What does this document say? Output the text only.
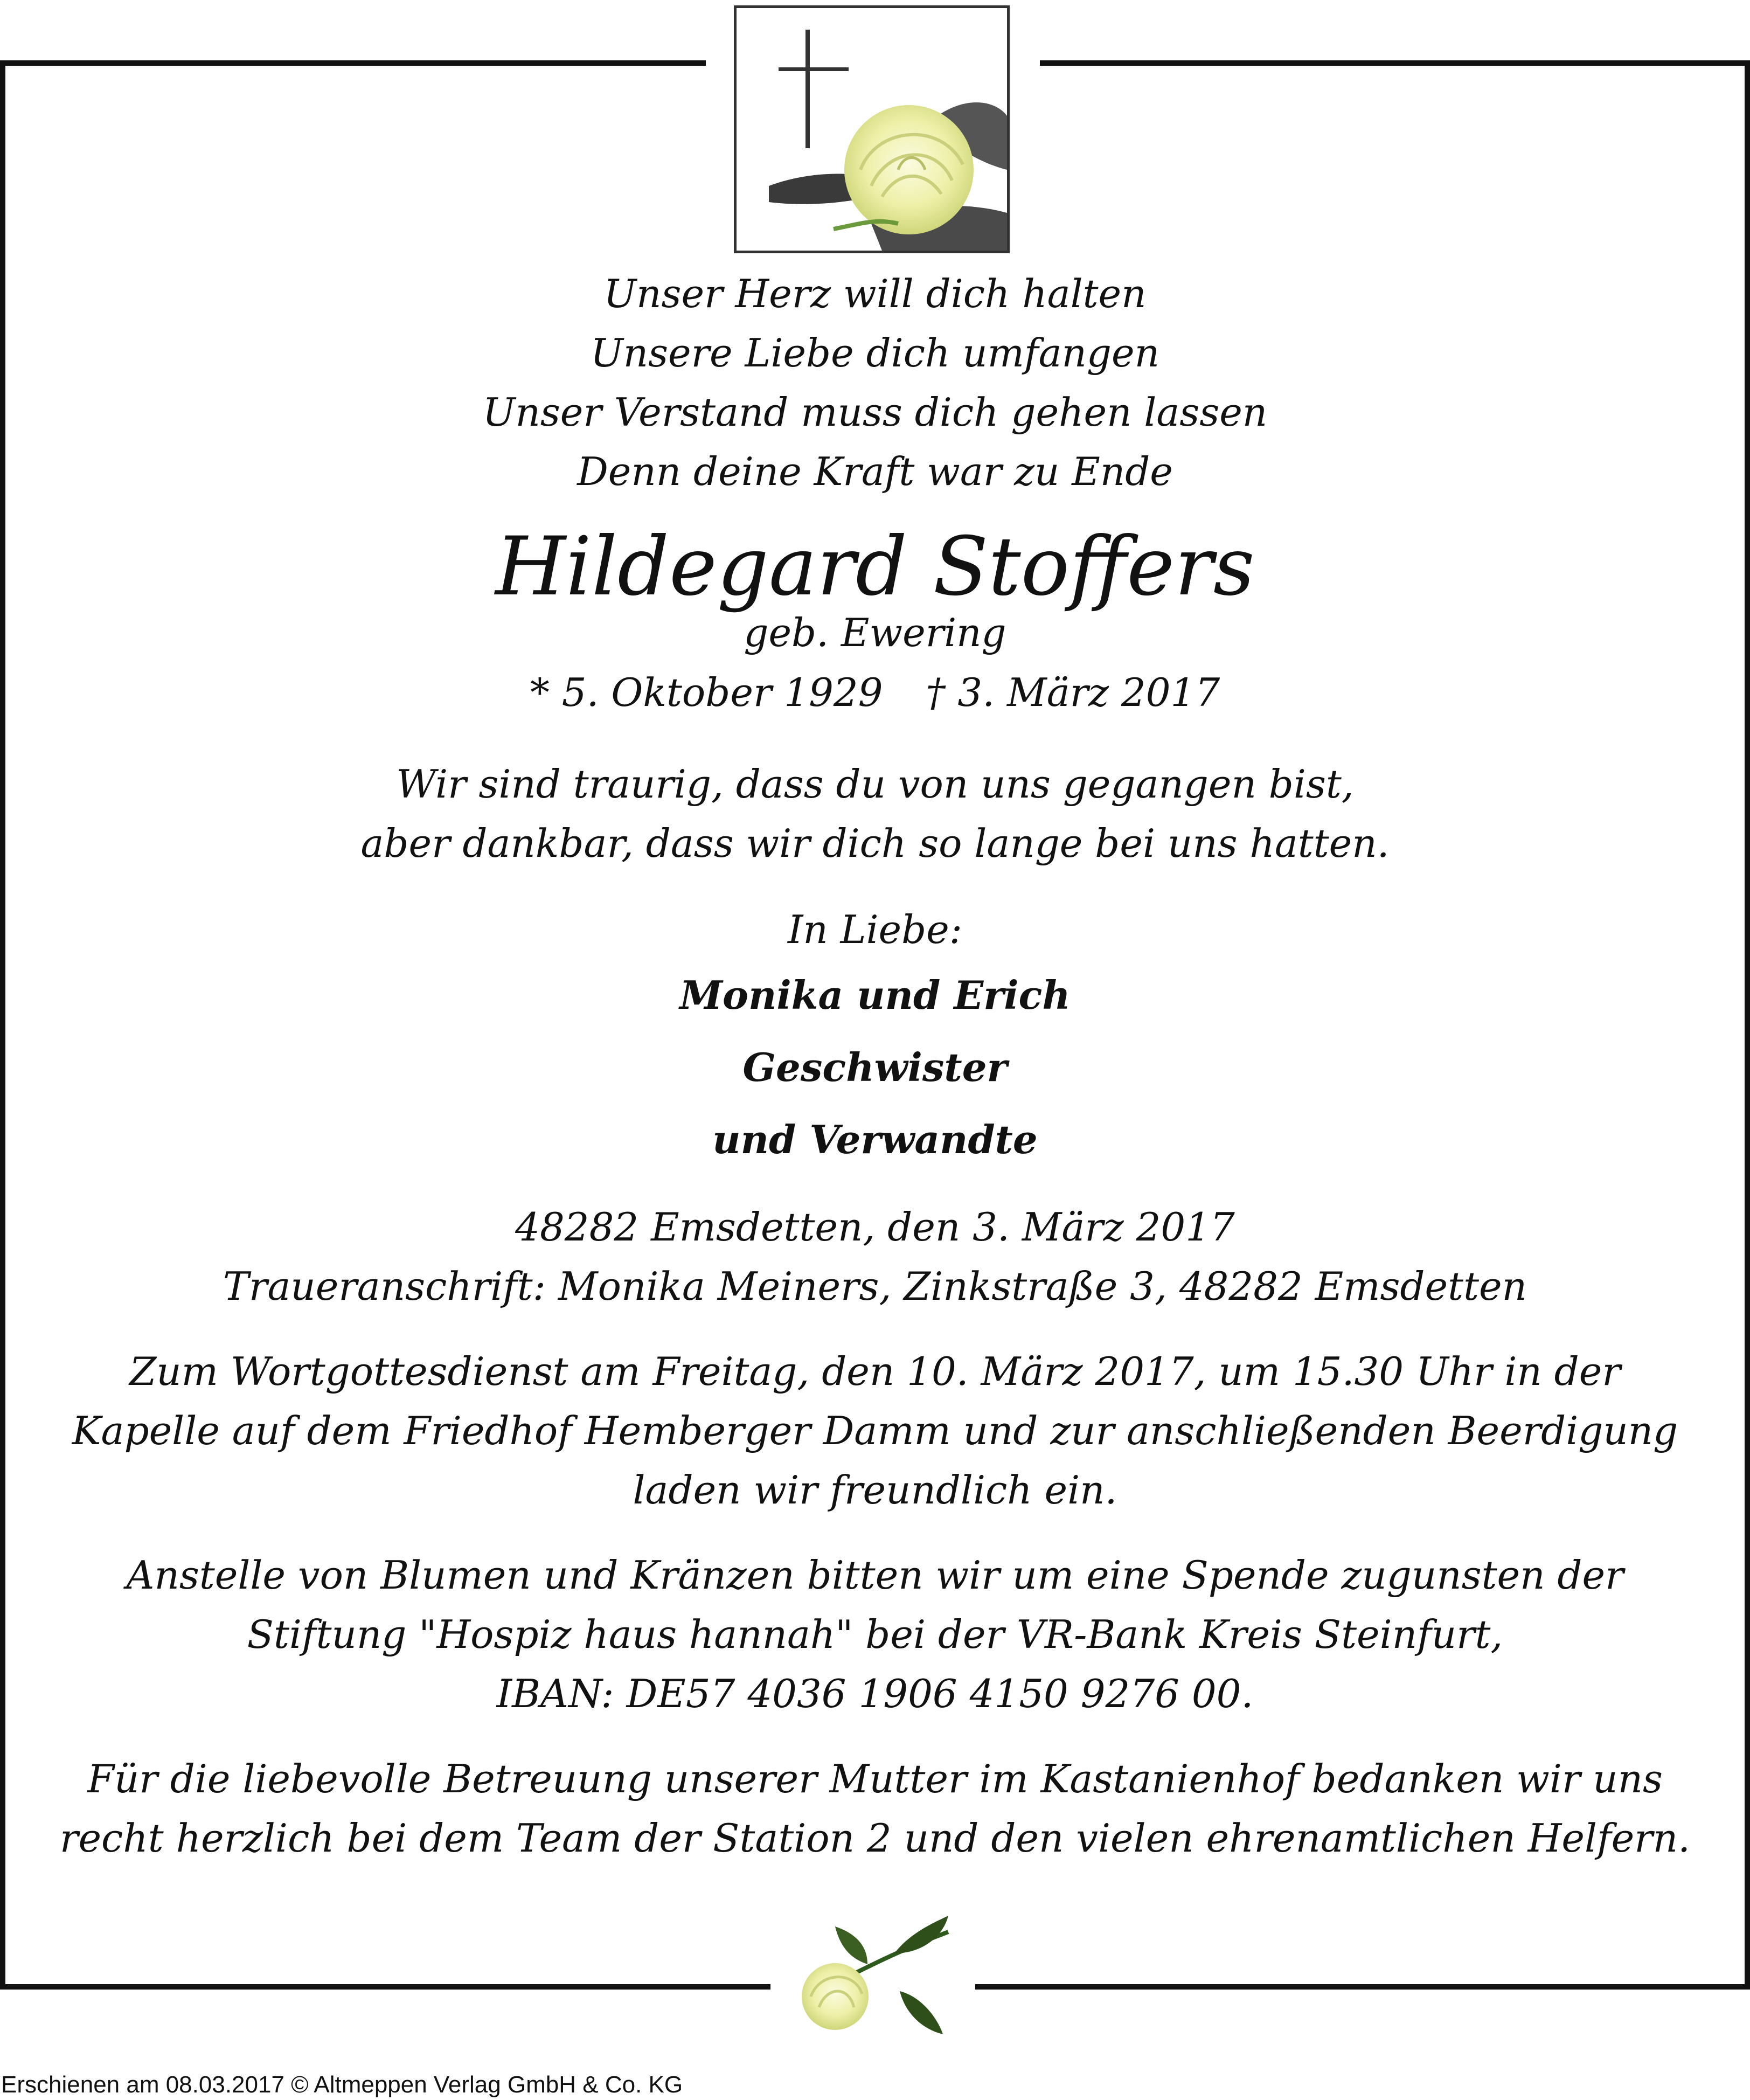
Unser Herz will dich halten
Unsere Liebe dich umfangen
Unser Verstand muss dich gehen lassen
Denn deine Kraft war zu Ende
Hildegard Stoffers
geb. Ewering
* 5. Oktober 1929 † 3. März 2017
Wir sind traurig, dass du von uns gegangen bist,
aber dankbar, dass wir dich so lange bei uns hatten.
In Liebe:
Monika und Erich
Geschwister
und Verwandte
48282 Emsdetten, den 3. März 2017
Traueranschrift: Monika Meiners, Zinkstraße 3, 48282 Emsdetten
Zum Wortgottesdienst am Freitag, den 10. März 2017, um 15.30 Uhr in der
Kapelle auf dem Friedhof Hemberger Damm und zur anschließenden Beerdigung
laden wir freundlich ein.
Anstelle von Blumen und Kränzen bitten wir um eine Spende zugunsten der
Stiftung "Hospiz haus hannah" bei der VR-Bank Kreis Steinfurt,
IBAN: DE57 4036 1906 4150 9276 00.
Für die liebevolle Betreuung unserer Mutter im Kastanienhof bedanken wir uns
recht herzlich bei dem Team der Station 2 und den vielen ehrenamtlichen Helfern.
Erschienen am 08.03.2017 © Altmeppen Verlag GmbH & Co. KG
